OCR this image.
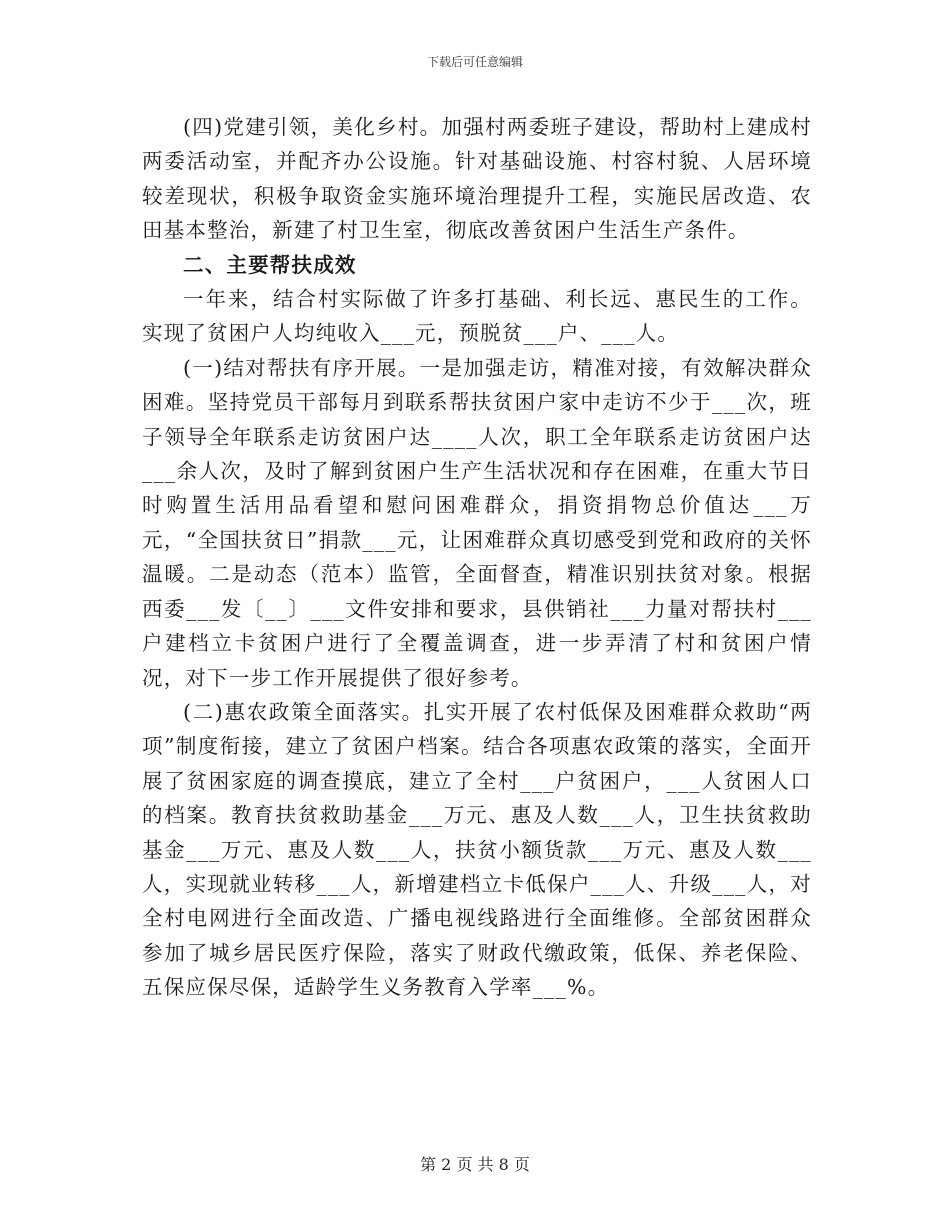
下载后可任意编辑

(四)党建引领，美化乡村。加强村两委班子建设，帮助村上建成村两委活动室，并配齐办公设施。针对基础设施、村容村貌、人居环境较差现状，积极争取资金实施环境治理提升工程，实施民居改造、农田基本整治，新建了村卫生室，彻底改善贫困户生活生产条件。

二、主要帮扶成效

一年来，结合村实际做了许多打基础、利长远、惠民生的工作。实现了贫困户人均纯收入___元，预脱贫___户、___人。

(一)结对帮扶有序开展。一是加强走访，精准对接，有效解决群众困难。坚持党员干部每月到联系帮扶贫困户家中走访不少于___次，班子领导全年联系走访贫困户达____人次，职工全年联系走访贫困户达___余人次，及时了解到贫困户生产生活状况和存在困难，在重大节日时购置生活用品看望和慰问困难群众，捐资捐物总价值达___万元，“全国扶贫日”捐款___元，让困难群众真切感受到党和政府的关怀温暖。二是动态（范本）监管，全面督查，精准识别扶贫对象。根据西委___发〔__〕___文件安排和要求，县供销社___力量对帮扶村___户建档立卡贫困户进行了全覆盖调查，进一步弄清了村和贫困户情况，对下一步工作开展提供了很好参考。

(二)惠农政策全面落实。扎实开展了农村低保及困难群众救助“两项”制度衔接，建立了贫困户档案。结合各项惠农政策的落实，全面开展了贫困家庭的调查摸底，建立了全村___户贫困户，___人贫困人口的档案。教育扶贫救助基金___万元、惠及人数___人，卫生扶贫救助基金___万元、惠及人数___人，扶贫小额货款___万元、惠及人数___人，实现就业转移___人，新增建档立卡低保户___人、升级___人，对全村电网进行全面改造、广播电视线路进行全面维修。全部贫困群众参加了城乡居民医疗保险，落实了财政代缴政策，低保、养老保险、五保应保尽保，适龄学生义务教育入学率___%。

第 2 页 共 8 页
